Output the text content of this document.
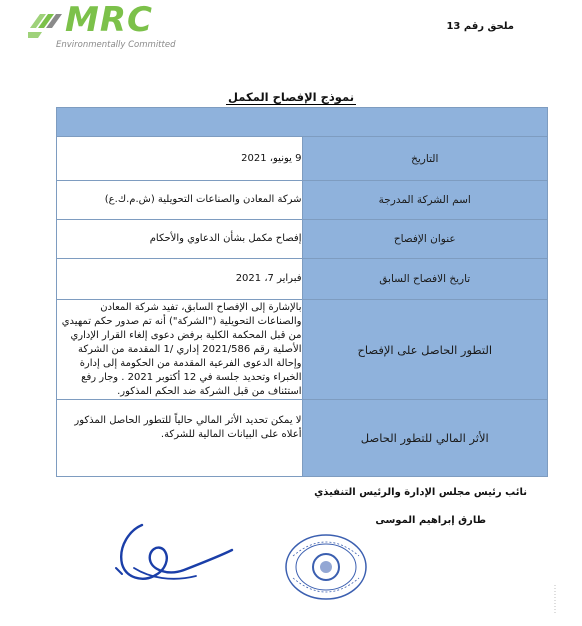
MRC
Environmentally Committed
ملحق رقم 13
نموذج الإفصاح المكمل

التاريخ	9 يونيو، 2021
اسم الشركة المدرجة	شركة المعادن والصناعات التحويلية (ش.م.ك.ع)
عنوان الإفصاح	إفصاح مكمل بشأن الدعاوي والأحكام
تاريخ الافصاح السابق	فبراير 7، 2021
التطور الحاصل على الإفصاح	بالإشارة إلى الإفصاح السابق، تفيد شركة المعادن والصناعات التحويلية ("الشركة") أنه تم صدور حكم تمهيدي من قبل المحكمة الكلية برفض دعوى إلغاء القرار الإداري الأصلية رقم 2021/586 إداري /1 المقدمة من الشركة وإحالة الدعوى الفرعية المقدمة من الحكومة إلى إدارة الخبراء وتحديد جلسة في 12 أكتوبر 2021 . وجار رفع استئناف من قبل الشركة ضد الحكم المذكور.
الأثر المالي للتطور الحاصل	لا يمكن تحديد الأثر المالي حالياً للتطور الحاصل المذكور أعلاه على البيانات المالية للشركة.
نائب رئيس مجلس الإدارة والرئيس التنفيذي
طارق إبراهيم الموسى
